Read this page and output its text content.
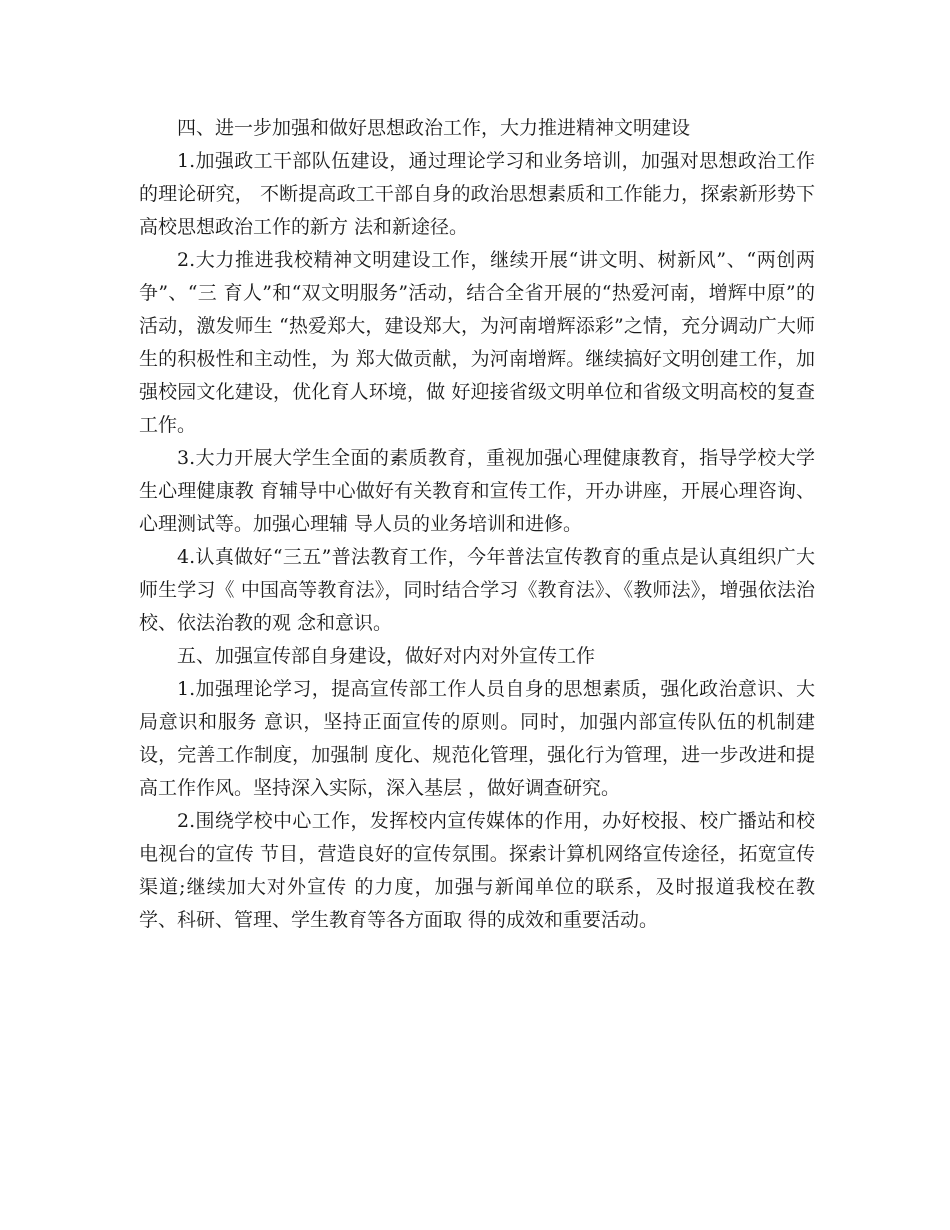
四、进一步加强和做好思想政治工作，大力推进精神文明建设

1.加强政工干部队伍建设，通过理论学习和业务培训，加强对思想政治工作的理论研究， 不断提高政工干部自身的政治思想素质和工作能力，探索新形势下高校思想政治工作的新方 法和新途径。

2.大力推进我校精神文明建设工作，继续开展“讲文明、树新风”、“两创两争”、“三 育人”和“双文明服务”活动，结合全省开展的“热爱河南，增辉中原”的活动，激发师生 “热爱郑大，建设郑大，为河南增辉添彩”之情，充分调动广大师生的积极性和主动性，为 郑大做贡献，为河南增辉。继续搞好文明创建工作，加强校园文化建设，优化育人环境，做 好迎接省级文明单位和省级文明高校的复查工作。

3.大力开展大学生全面的素质教育，重视加强心理健康教育，指导学校大学生心理健康教 育辅导中心做好有关教育和宣传工作，开办讲座，开展心理咨询、心理测试等。加强心理辅 导人员的业务培训和进修。

4.认真做好“三五”普法教育工作，今年普法宣传教育的重点是认真组织广大师生学习《 中国高等教育法》，同时结合学习《教育法》、《教师法》，增强依法治校、依法治教的观 念和意识。

五、加强宣传部自身建设，做好对内对外宣传工作

1.加强理论学习，提高宣传部工作人员自身的思想素质，强化政治意识、大局意识和服务 意识，坚持正面宣传的原则。同时，加强内部宣传队伍的机制建设，完善工作制度，加强制 度化、规范化管理，强化行为管理，进一步改进和提高工作作风。坚持深入实际，深入基层 ，做好调查研究。

2.围绕学校中心工作，发挥校内宣传媒体的作用，办好校报、校广播站和校电视台的宣传 节目，营造良好的宣传氛围。探索计算机网络宣传途径，拓宽宣传渠道;继续加大对外宣传 的力度，加强与新闻单位的联系，及时报道我校在教学、科研、管理、学生教育等各方面取 得的成效和重要活动。
